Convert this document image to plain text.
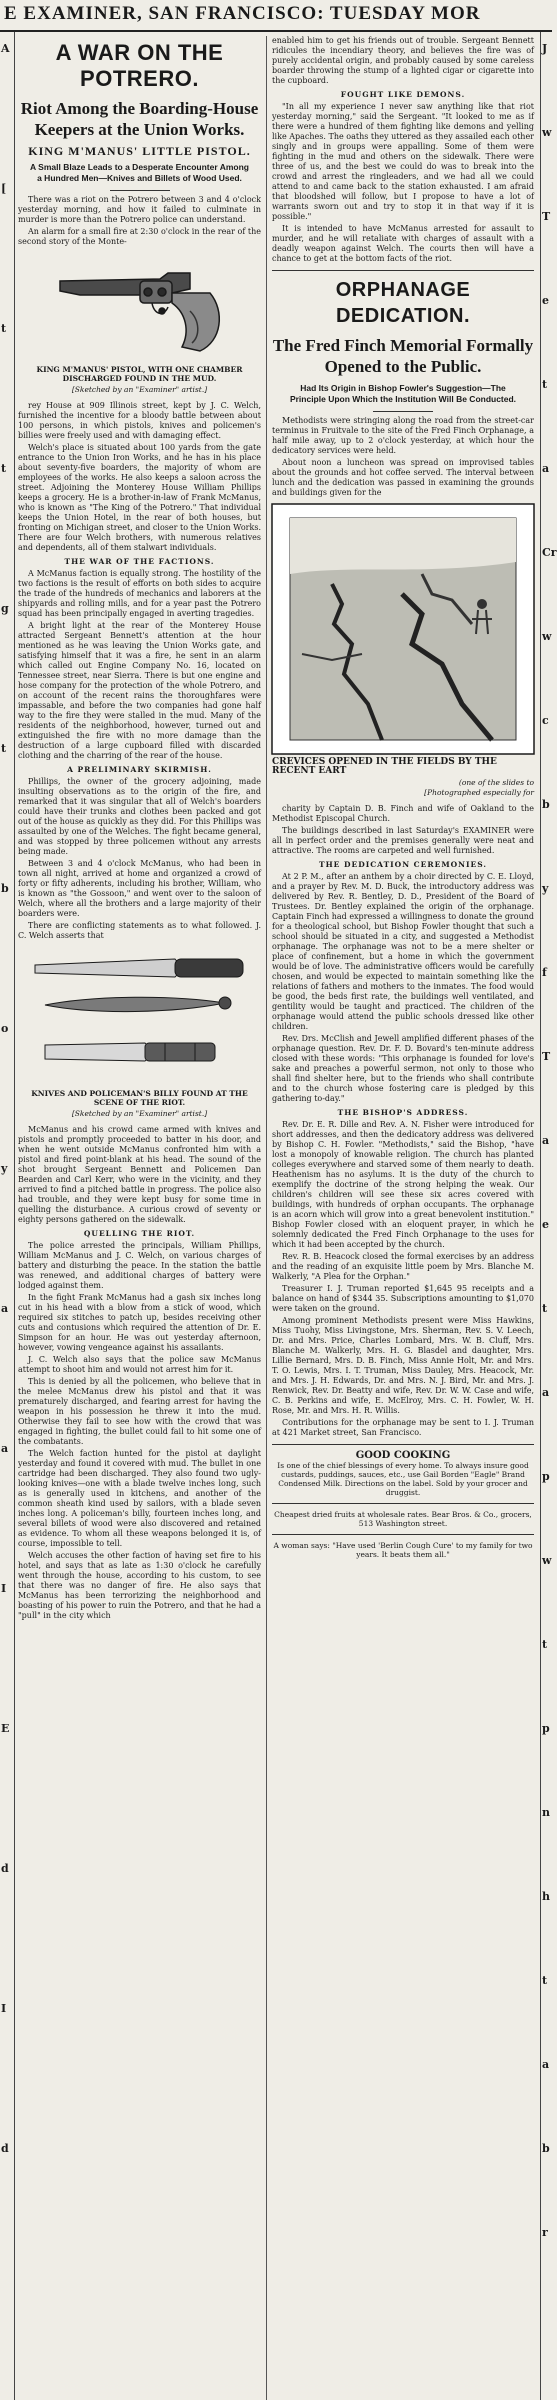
E EXAMINER, SAN FRANCISCO: TUESDAY MOR
A
[
t
t
g
t
b
o
y
a
a
I
E
d
I
d
J
w
T
e
t
a
Cr
w
c
b
y
f
T
a
e
t
a
p
w
t
p
n
h
t
a
b
r
A WAR ON THE POTRERO.
Riot Among the Boarding-House Keepers at the Union Works.
KING M'MANUS' LITTLE PISTOL.
A Small Blaze Leads to a Desperate Encounter Among a Hundred Men—Knives and Billets of Wood Used.

There was a riot on the Potrero between 3 and 4 o'clock yesterday morning, and how it failed to culminate in murder is more than the Potrero police can understand.

An alarm for a small fire at 2:30 o'clock in the rear of the second story of the Monte-

KING M'MANUS' PISTOL, WITH ONE CHAMBER DISCHARGED FOUND IN THE MUD.
[Sketched by an "Examiner" artist.]

rey House at 909 Illinois street, kept by J. C. Welch, furnished the incentive for a bloody battle between about 100 persons, in which pistols, knives and policemen's billies were freely used and with damaging effect.

Welch's place is situated about 100 yards from the gate entrance to the Union Iron Works, and he has in his place about seventy-five boarders, the majority of whom are employees of the works. He also keeps a saloon across the street. Adjoining the Monterey House William Phillips keeps a grocery. He is a brother-in-law of Frank McManus, who is known as "The King of the Potrero." That individual keeps the Union Hotel, in the rear of both houses, but fronting on Michigan street, and closer to the Union Works. There are four Welch brothers, with numerous relatives and dependents, all of them stalwart individuals.

THE WAR OF THE FACTIONS.

A McManus faction is equally strong. The hostility of the two factions is the result of efforts on both sides to acquire the trade of the hundreds of mechanics and laborers at the shipyards and rolling mills, and for a year past the Potrero squad has been principally engaged in averting tragedies.

A bright light at the rear of the Monterey House attracted Sergeant Bennett's attention at the hour mentioned as he was leaving the Union Works gate, and satisfying himself that it was a fire, he sent in an alarm which called out Engine Company No. 16, located on Tennessee street, near Sierra. There is but one engine and hose company for the protection of the whole Potrero, and on account of the recent rains the thoroughfares were impassable, and before the two companies had gone half way to the fire they were stalled in the mud. Many of the residents of the neighborhood, however, turned out and extinguished the fire with no more damage than the destruction of a large cupboard filled with discarded clothing and the charring of the rear of the house.

A PRELIMINARY SKIRMISH.

Phillips, the owner of the grocery adjoining, made insulting observations as to the origin of the fire, and remarked that it was singular that all of Welch's boarders could have their trunks and clothes been packed and got out of the house as quickly as they did. For this Phillips was assaulted by one of the Welches. The fight became general, and was stopped by three policemen without any arrests being made.

Between 3 and 4 o'clock McManus, who had been in town all night, arrived at home and organized a crowd of forty or fifty adherents, including his brother, William, who is known as "the Gossoon," and went over to the saloon of Welch, where all the brothers and a large majority of their boarders were.

There are conflicting statements as to what followed. J. C. Welch asserts that

KNIVES AND POLICEMAN'S BILLY FOUND AT THE SCENE OF THE RIOT.
[Sketched by an "Examiner" artist.]

McManus and his crowd came armed with knives and pistols and promptly proceeded to batter in his door, and when he went outside McManus confronted him with a pistol and fired point-blank at his head. The sound of the shot brought Sergeant Bennett and Policemen Dan Bearden and Carl Kerr, who were in the vicinity, and they arrived to find a pitched battle in progress. The police also had trouble, and they were kept busy for some time in quelling the disturbance. A curious crowd of seventy or eighty persons gathered on the sidewalk.

QUELLING THE RIOT.

The police arrested the principals, William Phillips, William McManus and J. C. Welch, on various charges of battery and disturbing the peace. In the station the battle was renewed, and additional charges of battery were lodged against them.

In the fight Frank McManus had a gash six inches long cut in his head with a blow from a stick of wood, which required six stitches to patch up, besides receiving other cuts and contusions which required the attention of Dr. E. Simpson for an hour. He was out yesterday afternoon, however, vowing vengeance against his assailants.

J. C. Welch also says that the police saw McManus attempt to shoot him and would not arrest him for it.

This is denied by all the policemen, who believe that in the melee McManus drew his pistol and that it was prematurely discharged, and fearing arrest for having the weapon in his possession he threw it into the mud. Otherwise they fail to see how with the crowd that was engaged in fighting, the bullet could fail to hit some one of the combatants.

The Welch faction hunted for the pistol at daylight yesterday and found it covered with mud. The bullet in one cartridge had been discharged. They also found two ugly-looking knives—one with a blade twelve inches long, such as is generally used in kitchens, and another of the common sheath kind used by sailors, with a blade seven inches long. A policeman's billy, fourteen inches long, and several billets of wood were also discovered and retained as evidence. To whom all these weapons belonged it is, of course, impossible to tell.

Welch accuses the other faction of having set fire to his hotel, and says that as late as 1:30 o'clock he carefully went through the house, according to his custom, to see that there was no danger of fire. He also says that McManus has been terrorizing the neighborhood and boasting of his power to ruin the Potrero, and that he had a "pull" in the city which

enabled him to get his friends out of trouble. Sergeant Bennett ridicules the incendiary theory, and believes the fire was of purely accidental origin, and probably caused by some careless boarder throwing the stump of a lighted cigar or cigarette into the cupboard.

FOUGHT LIKE DEMONS.

"In all my experience I never saw anything like that riot yesterday morning," said the Sergeant. "It looked to me as if there were a hundred of them fighting like demons and yelling like Apaches. The oaths they uttered as they assailed each other singly and in groups were appalling. Some of them were fighting in the mud and others on the sidewalk. There were three of us, and the best we could do was to break into the crowd and arrest the ringleaders, and we had all we could attend to and came back to the station exhausted. I am afraid that bloodshed will follow, but I propose to have a lot of warrants sworn out and try to stop it in that way if it is possible."

It is intended to have McManus arrested for assault to murder, and he will retaliate with charges of assault with a deadly weapon against Welch. The courts then will have a chance to get at the bottom facts of the riot.

ORPHANAGE DEDICATION.
The Fred Finch Memorial Formally Opened to the Public.
Had Its Origin in Bishop Fowler's Suggestion—The Principle Upon Which the Institution Will Be Conducted.

Methodists were stringing along the road from the street-car terminus in Fruitvale to the site of the Fred Finch Orphanage, a half mile away, up to 2 o'clock yesterday, at which hour the dedicatory services were held.

About noon a luncheon was spread on improvised tables about the grounds and hot coffee served. The interval between lunch and the dedication was passed in examining the grounds and buildings given for the

CREVICES OPENED IN THE FIELDS BY THE RECENT EART
(one of the slides to
[Photographed especially for

charity by Captain D. B. Finch and wife of Oakland to the Methodist Episcopal Church.

The buildings described in last Saturday's EXAMINER were all in perfect order and the premises generally were neat and attractive. The rooms are carpeted and well furnished.

THE DEDICATION CEREMONIES.

At 2 P. M., after an anthem by a choir directed by C. E. Lloyd, and a prayer by Rev. M. D. Buck, the introductory address was delivered by Rev. R. Bentley, D. D., President of the Board of Trustees. Dr. Bentley explained the origin of the orphanage. Captain Finch had expressed a willingness to donate the ground for a theological school, but Bishop Fowler thought that such a school should be situated in a city, and suggested a Methodist orphanage. The orphanage was not to be a mere shelter or place of confinement, but a home in which the government would be of love. The administrative officers would be carefully chosen, and would be expected to maintain something like the relations of fathers and mothers to the inmates. The food would be good, the beds first rate, the buildings well ventilated, and gentility would be taught and practiced. The children of the orphanage would attend the public schools dressed like other children.

Rev. Drs. McClish and Jewell amplified different phases of the orphanage question. Rev. Dr. F. D. Bovard's ten-minute address closed with these words: "This orphanage is founded for love's sake and preaches a powerful sermon, not only to those who shall find shelter here, but to the friends who shall contribute and to the church whose fostering care is pledged by this gathering to-day."

THE BISHOP'S ADDRESS.

Rev. Dr. E. R. Dille and Rev. A. N. Fisher were introduced for short addresses, and then the dedicatory address was delivered by Bishop C. H. Fowler. "Methodists," said the Bishop, "have lost a monopoly of knowable religion. The church has planted colleges everywhere and starved some of them nearly to death. Heathenism has no asylums. It is the duty of the church to exemplify the doctrine of the strong helping the weak. Our children's children will see these six acres covered with buildings, with hundreds of orphan occupants. The orphanage is an acorn which will grow into a great benevolent institution." Bishop Fowler closed with an eloquent prayer, in which he solemnly dedicated the Fred Finch Orphanage to the uses for which it had been accepted by the church.

Rev. R. B. Heacock closed the formal exercises by an address and the reading of an exquisite little poem by Mrs. Blanche M. Walkerly, "A Plea for the Orphan."

Treasurer I. J. Truman reported $1,645 95 receipts and a balance on hand of $344 35. Subscriptions amounting to $1,070 were taken on the ground.

Among prominent Methodists present were Miss Hawkins, Miss Tuohy, Miss Livingstone, Mrs. Sherman, Rev. S. V. Leech, Dr. and Mrs. Price, Charles Lombard, Mrs. W. B. Cluff, Mrs. Blanche M. Walkerly, Mrs. H. G. Blasdel and daughter, Mrs. Lillie Bernard, Mrs. D. B. Finch, Miss Annie Holt, Mr. and Mrs. T. O. Lewis, Mrs. I. T. Truman, Miss Dauley, Mrs. Heacock, Mr. and Mrs. J. H. Edwards, Dr. and Mrs. N. J. Bird, Mr. and Mrs. J. Renwick, Rev. Dr. Beatty and wife, Rev. Dr. W. W. Case and wife, C. B. Perkins and wife, E. McElroy, Mrs. C. H. Fowler, W. H. Rose, Mr. and Mrs. H. R. Willis.

Contributions for the orphanage may be sent to I. J. Truman at 421 Market street, San Francisco.

GOOD COOKING
Is one of the chief blessings of every home. To always insure good custards, puddings, sauces, etc., use Gail Borden "Eagle" Brand Condensed Milk. Directions on the label. Sold by your grocer and druggist.
Cheapest dried fruits at wholesale rates. Bear Bros. & Co., grocers, 513 Washington street.
A woman says: "Have used 'Berlin Cough Cure' to my family for two years. It beats them all."
